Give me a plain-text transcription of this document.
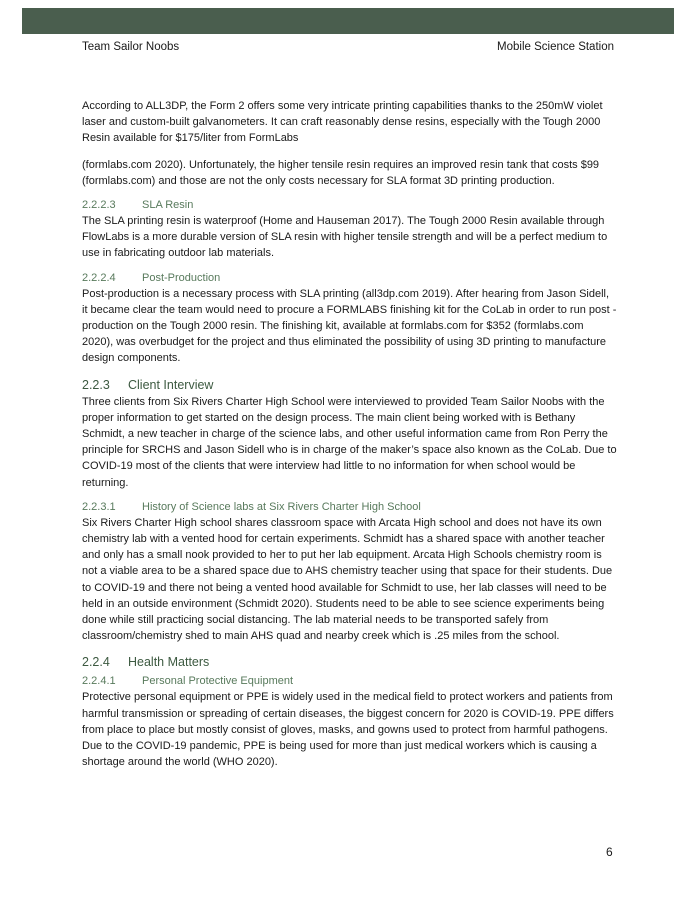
Team Sailor Noobs	Mobile Science Station

According to ALL3DP, the Form 2 offers some very intricate printing capabilities thanks to the 250mW violet laser and custom-built galvanometers. It can craft reasonably dense resins, especially with the Tough 2000 Resin available for $175/liter from FormLabs

(formlabs.com 2020). Unfortunately, the higher tensile resin requires an improved resin tank that costs $99 (formlabs.com) and those are not the only costs necessary for SLA format 3D printing production.

2.2.2.3 SLA Resin

The SLA printing resin is waterproof (Home and Hauseman 2017). The Tough 2000 Resin available through FlowLabs is a more durable version of SLA resin with higher tensile strength and will be a perfect medium to use in fabricating outdoor lab materials.

2.2.2.4 Post-Production

Post-production is a necessary process with SLA printing (all3dp.com 2019). After hearing from Jason Sidell, it became clear the team would need to procure a FORMLABS finishing kit for the CoLab in order to run post -production on the Tough 2000 resin. The finishing kit, available at formlabs.com for $352 (formlabs.com 2020), was overbudget for the project and thus eliminated the possibility of using 3D printing to manufacture design components.

2.2.3 Client Interview

Three clients from Six Rivers Charter High School were interviewed to provided Team Sailor Noobs with the proper information to get started on the design process. The main client being worked with is Bethany Schmidt, a new teacher in charge of the science labs, and other useful information came from Ron Perry the principle for SRCHS and Jason Sidell who is in charge of the maker’s space also known as the CoLab. Due to COVID-19 most of the clients that were interview had little to no information for when school would be returning.

2.2.3.1 History of Science labs at Six Rivers Charter High School

Six Rivers Charter High school shares classroom space with Arcata High school and does not have its own chemistry lab with a vented hood for certain experiments. Schmidt has a shared space with another teacher and only has a small nook provided to her to put her lab equipment. Arcata High Schools chemistry room is not a viable area to be a shared space due to AHS chemistry teacher using that space for their students. Due to COVID-19 and there not being a vented hood available for Schmidt to use, her lab classes will need to be held in an outside environment (Schmidt 2020). Students need to be able to see science experiments being done while still practicing social distancing. The lab material needs to be transported safely from classroom/chemistry shed to main AHS quad and nearby creek which is .25 miles from the school.

2.2.4 Health Matters
2.2.4.1 Personal Protective Equipment

Protective personal equipment or PPE is widely used in the medical field to protect workers and patients from harmful transmission or spreading of certain diseases, the biggest concern for 2020 is COVID-19. PPE differs from place to place but mostly consist of gloves, masks, and gowns used to protect from harmful pathogens. Due to the COVID-19 pandemic, PPE is being used for more than just medical workers which is causing a shortage around the world (WHO 2020).

6
